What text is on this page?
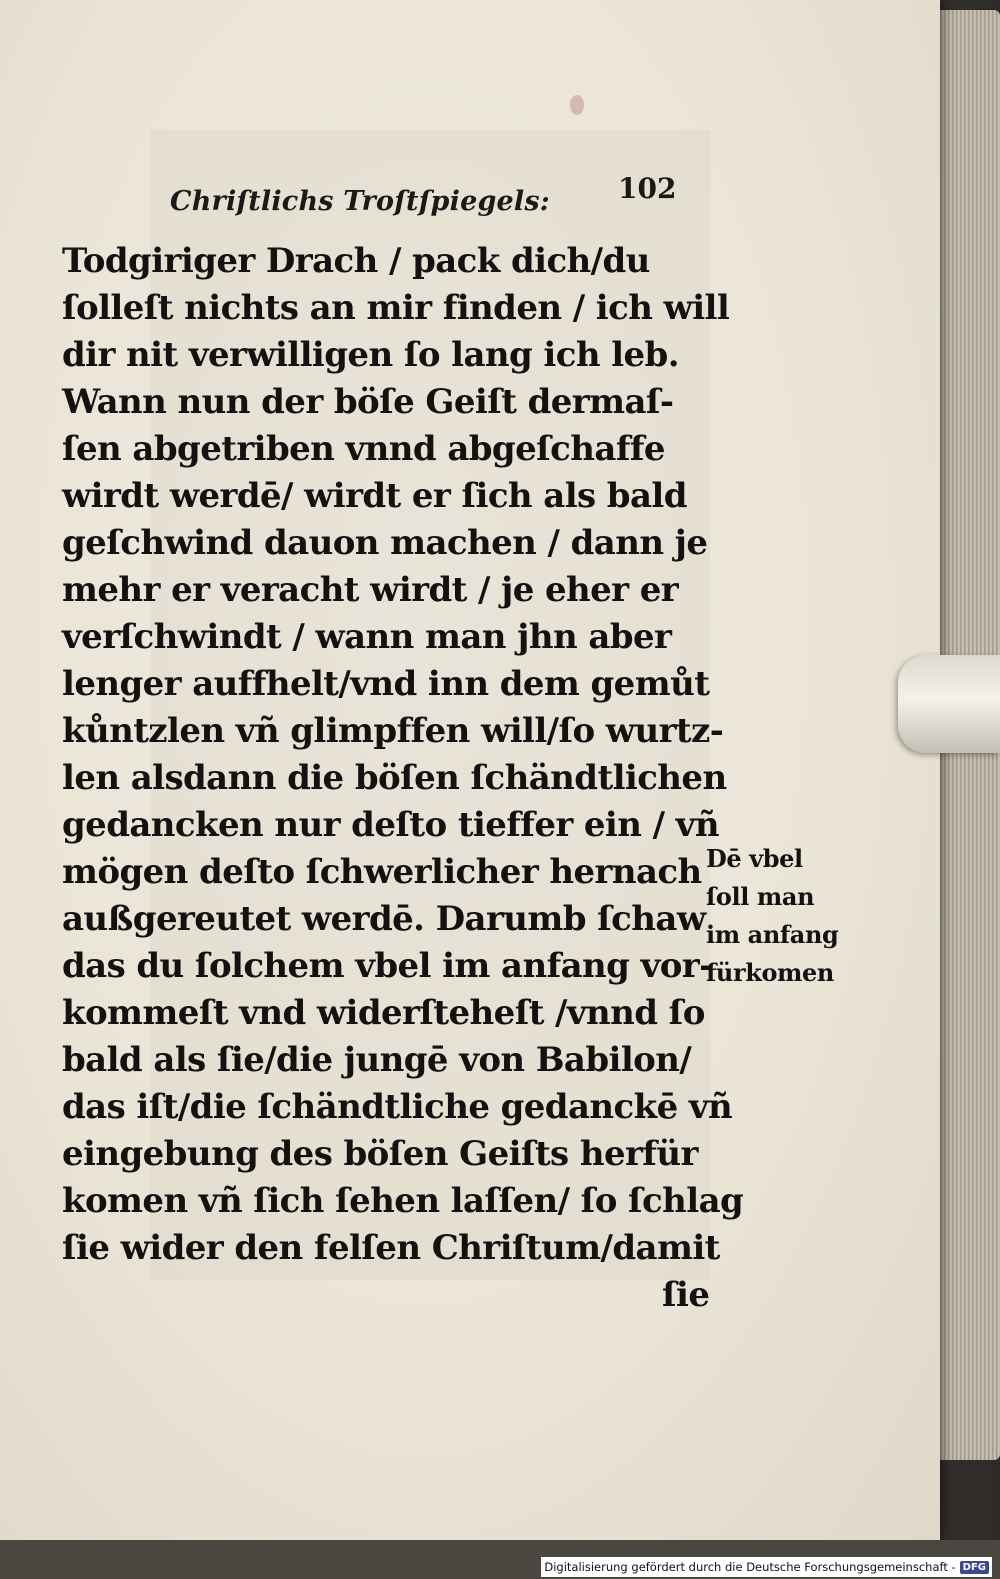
Chriſtlichs Troſtſpiegels: 102
Todgiriger Drach / pack dich/du
ſolleſt nichts an mir finden / ich will
dir nit verwilligen ſo lang ich leb.
Wann nun der böſe Geiſt dermaſ-
ſen abgetriben vnnd abgeſchaffe
wirdt werdē/ wirdt er ſich als bald
geſchwind dauon machen / dann je
mehr er veracht wirdt / je eher er
verſchwindt / wann man jhn aber
lenger auffhelt/vnd inn dem gemůt
kůntzlen vñ glimpffen will/ſo wurtz-
len alsdann die böſen ſchändtlichen
gedancken nur deſto tieffer ein / vñ
mögen deſto ſchwerlicher hernach
außgereutet werdē. Darumb ſchaw
das du ſolchem vbel im anfang vor-
kommeſt vnd widerſteheſt /vnnd ſo
bald als ſie/die jungē von Babilon/
das iſt/die ſchändtliche gedanckē vñ
eingebung des böſen Geiſts herfür
komen vñ ſich ſehen laſſen/ ſo ſchlag
ſie wider den felſen Chriſtum/damit
ſie
Dē vbel
ſoll man
im anfang
fürkomen
Digitalisierung gefördert durch die Deutsche Forschungsgemeinschaft - DFG
